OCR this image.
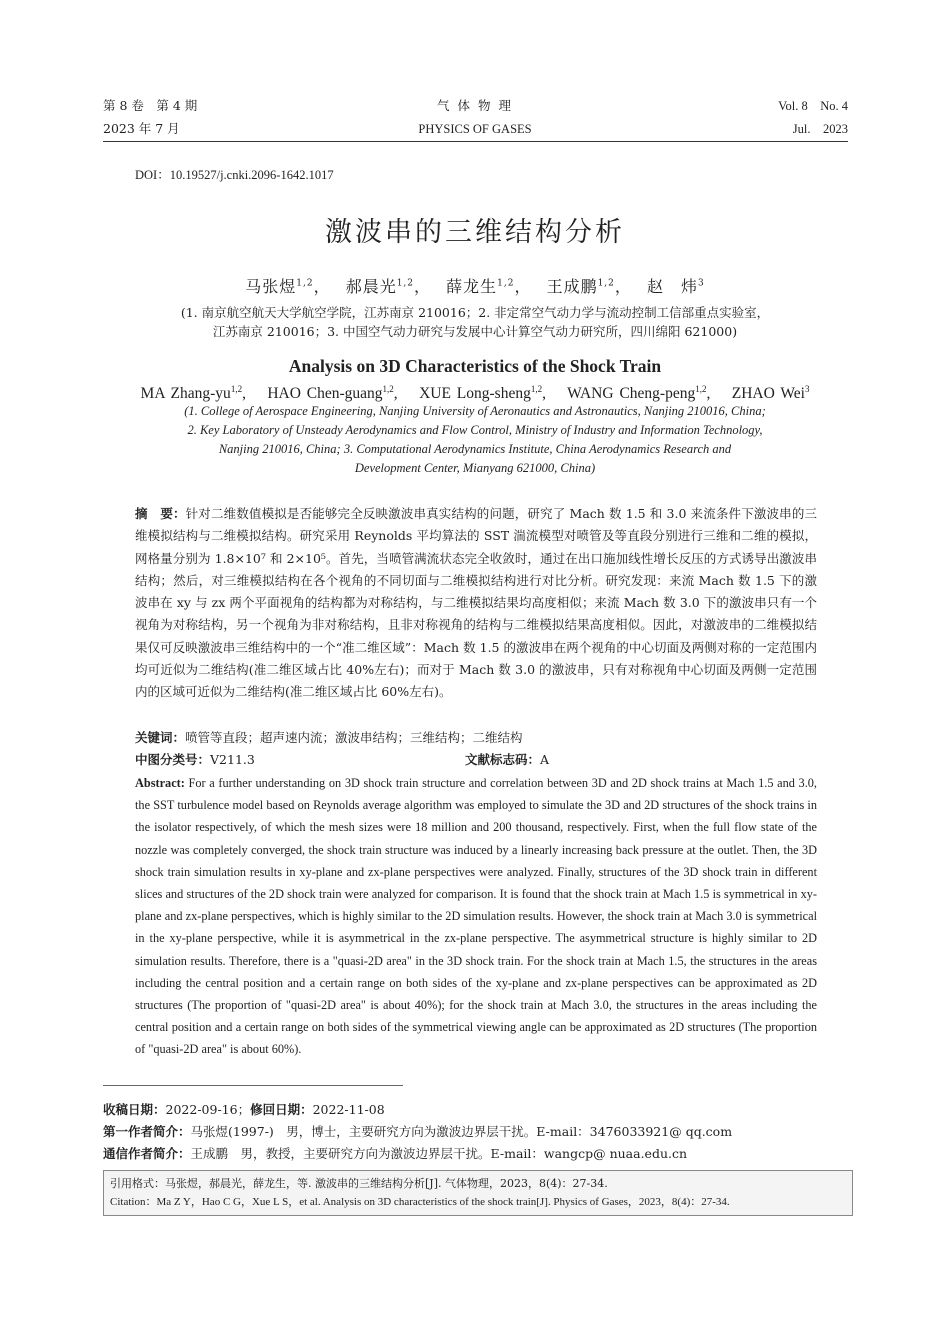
第 8 卷　第 4 期
2023 年 7 月
气 体 物 理
PHYSICS OF GASES
Vol. 8　No. 4
Jul.　2023
DOI：10.19527/j.cnki.2096-1642.1017
激波串的三维结构分析
马张煜$^{1,2}$，　 郝晨光$^{1,2}$，　 薛龙生$^{1,2}$，　 王成鹏$^{1,2}$，　 赵　炜$^3$
(1. 南京航空航天大学航空学院，江苏南京 210016；2. 非定常空气动力学与流动控制工信部重点实验室，
江苏南京 210016；3. 中国空气动力研究与发展中心计算空气动力研究所，四川绵阳 621000)
Analysis on 3D Characteristics of the Shock Train
MA Zhang-yu$^{1,2}$,　 HAO Chen-guang$^{1,2}$,　 XUE Long-sheng$^{1,2}$,　 WANG Cheng-peng$^{1,2}$,　 ZHAO Wei$^3$
(1. College of Aerospace Engineering, Nanjing University of Aeronautics and Astronautics, Nanjing 210016, China;
2. Key Laboratory of Unsteady Aerodynamics and Flow Control, Ministry of Industry and Information Technology,
Nanjing 210016, China; 3. Computational Aerodynamics Institute, China Aerodynamics Research and
Development Center, Mianyang 621000, China)
摘　要：针对二维数值模拟是否能够完全反映激波串真实结构的问题，研究了 Mach 数 1.5 和 3.0 来流条件下激波串的三维模拟结构与二维模拟结构。研究采用 Reynolds 平均算法的 SST 湍流模型对喷管及等直段分别进行三维和二维的模拟，网格量分别为 1.8×10⁷ 和 2×10⁵。首先，当喷管满流状态完全收敛时，通过在出口施加线性增长反压的方式诱导出激波串结构；然后，对三维模拟结构在各个视角的不同切面与二维模拟结构进行对比分析。研究发现：来流 Mach 数 1.5 下的激波串在 xy 与 zx 两个平面视角的结构都为对称结构，与二维模拟结果均高度相似；来流 Mach 数 3.0 下的激波串只有一个视角为对称结构，另一个视角为非对称结构，且非对称视角的结构与二维模拟结果高度相似。因此，对激波串的二维模拟结果仅可反映激波串三维结构中的一个“准二维区域”：Mach 数 1.5 的激波串在两个视角的中心切面及两侧对称的一定范围内均可近似为二维结构(准二维区域占比 40%左右)；而对于 Mach 数 3.0 的激波串，只有对称视角中心切面及两侧一定范围内的区域可近似为二维结构(准二维区域占比 60%左右)。
关键词：喷管等直段；超声速内流；激波串结构；三维结构；二维结构
中图分类号：V211.3	文献标志码：A
Abstract: For a further understanding on 3D shock train structure and correlation between 3D and 2D shock trains at Mach 1.5 and 3.0, the SST turbulence model based on Reynolds average algorithm was employed to simulate the 3D and 2D structures of the shock trains in the isolator respectively, of which the mesh sizes were 18 million and 200 thousand, respectively. First, when the full flow state of the nozzle was completely converged, the shock train structure was induced by a linearly increasing back pressure at the outlet. Then, the 3D shock train simulation results in xy-plane and zx-plane perspectives were analyzed. Finally, structures of the 3D shock train in different slices and structures of the 2D shock train were analyzed for comparison. It is found that the shock train at Mach 1.5 is symmetrical in xy-plane and zx-plane perspectives, which is highly similar to the 2D simulation results. However, the shock train at Mach 3.0 is symmetrical in the xy-plane perspective, while it is asymmetrical in the zx-plane perspective. The asymmetrical structure is highly similar to 2D simulation results. Therefore, there is a "quasi-2D area" in the 3D shock train. For the shock train at Mach 1.5, the structures in the areas including the central position and a certain range on both sides of the xy-plane and zx-plane perspectives can be approximated as 2D structures (The proportion of "quasi-2D area" is about 40%); for the shock train at Mach 3.0, the structures in the areas including the central position and a certain range on both sides of the symmetrical viewing angle can be approximated as 2D structures (The proportion of "quasi-2D area" is about 60%).
收稿日期：2022-09-16；修回日期：2022-11-08
第一作者简介：马张煜(1997-)　男，博士，主要研究方向为激波边界层干扰。E-mail：3476033921@ qq.com
通信作者简介：王成鹏　男，教授，主要研究方向为激波边界层干扰。E-mail：wangcp@ nuaa.edu.cn
引用格式：马张煜，郝晨光，薛龙生，等. 激波串的三维结构分析[J]. 气体物理，2023，8(4)：27-34.
Citation：Ma Z Y，Hao C G，Xue L S，et al. Analysis on 3D characteristics of the shock train[J]. Physics of Gases，2023，8(4)：27-34.
